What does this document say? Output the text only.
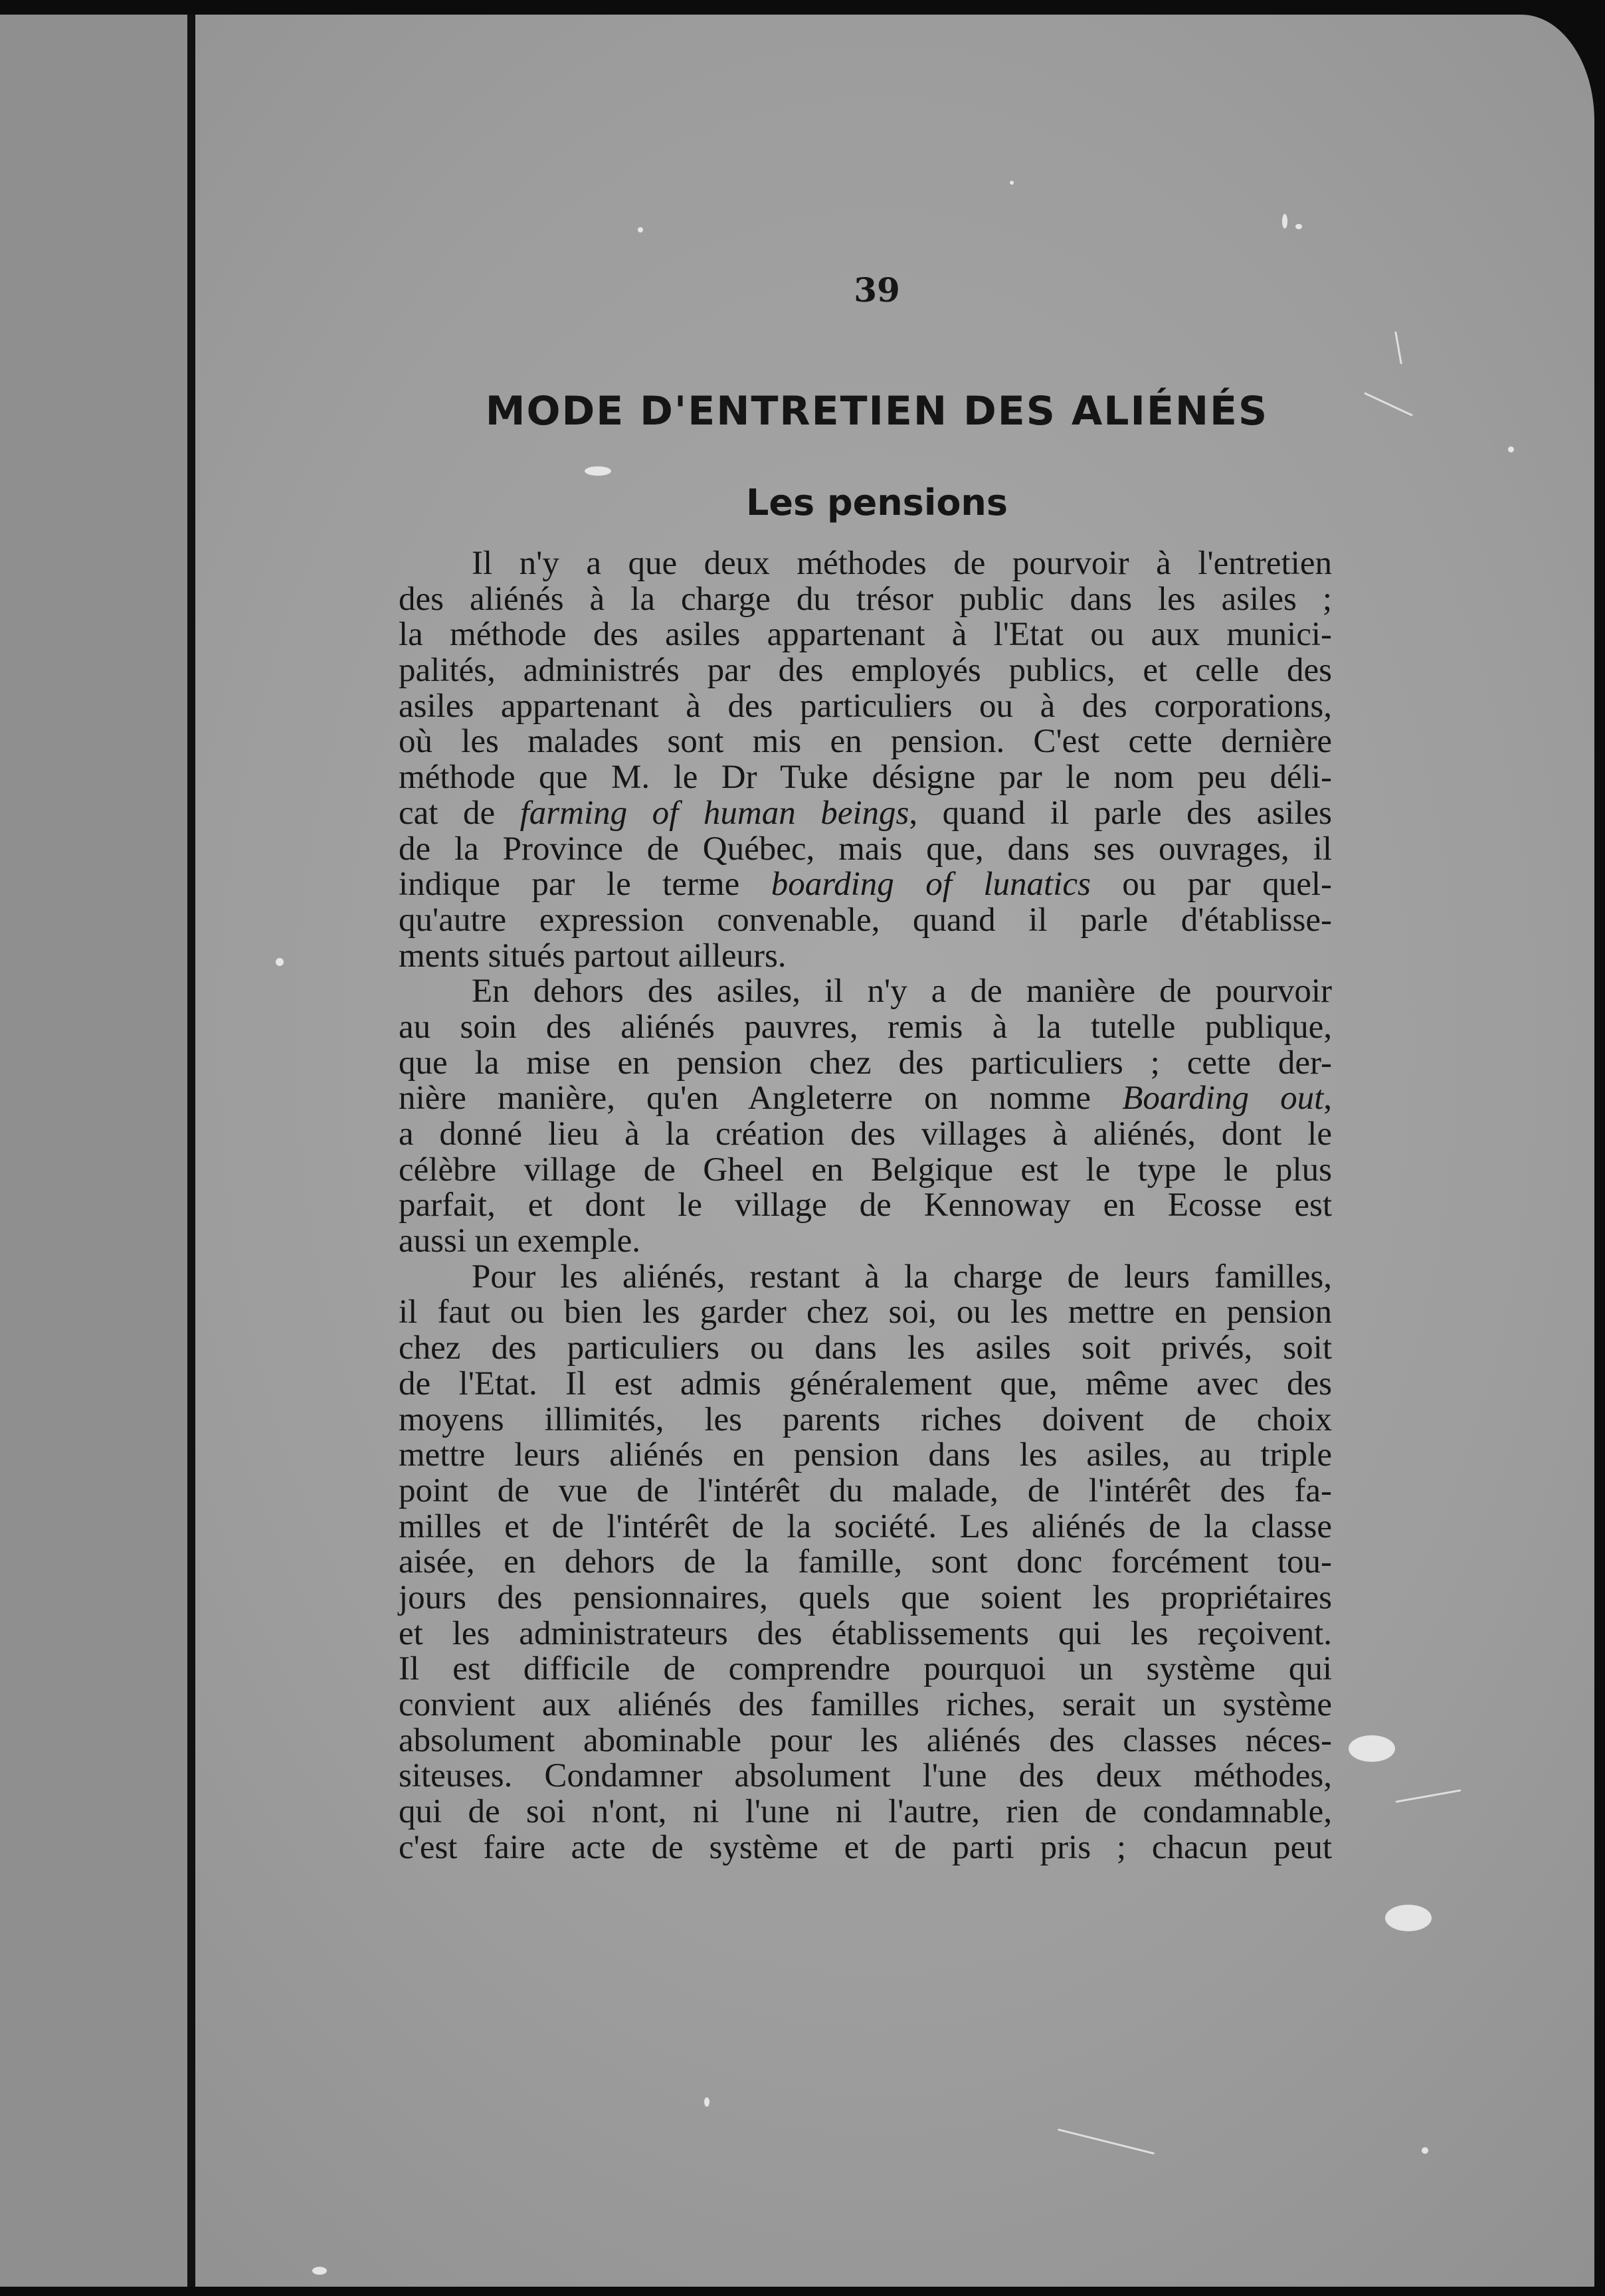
39
MODE D'ENTRETIEN DES ALIÉNÉS
Les pensions
Il n'y a que deux méthodes de pourvoir à l'entretien
des aliénés à la charge du trésor public dans les asiles ;
la méthode des asiles appartenant à l'Etat ou aux munici-
palités, administrés par des employés publics, et celle des
asiles appartenant à des particuliers ou à des corporations,
où les malades sont mis en pension. C'est cette dernière
méthode que M. le Dr Tuke désigne par le nom peu déli-
cat de farming of human beings, quand il parle des asiles
de la Province de Québec, mais que, dans ses ouvrages, il
indique par le terme boarding of lunatics ou par quel-
qu'autre expression convenable, quand il parle d'établisse-
ments situés partout ailleurs.
En dehors des asiles, il n'y a de manière de pourvoir
au soin des aliénés pauvres, remis à la tutelle publique,
que la mise en pension chez des particuliers ; cette der-
nière manière, qu'en Angleterre on nomme Boarding out,
a donné lieu à la création des villages à aliénés, dont le
célèbre village de Gheel en Belgique est le type le plus
parfait, et dont le village de Kennoway en Ecosse est
aussi un exemple.
Pour les aliénés, restant à la charge de leurs familles,
il faut ou bien les garder chez soi, ou les mettre en pension
chez des particuliers ou dans les asiles soit privés, soit
de l'Etat. Il est admis généralement que, même avec des
moyens illimités, les parents riches doivent de choix
mettre leurs aliénés en pension dans les asiles, au triple
point de vue de l'intérêt du malade, de l'intérêt des fa-
milles et de l'intérêt de la société. Les aliénés de la classe
aisée, en dehors de la famille, sont donc forcément tou-
jours des pensionnaires, quels que soient les propriétaires
et les administrateurs des établissements qui les reçoivent.
Il est difficile de comprendre pourquoi un système qui
convient aux aliénés des familles riches, serait un système
absolument abominable pour les aliénés des classes néces-
siteuses. Condamner absolument l'une des deux méthodes,
qui de soi n'ont, ni l'une ni l'autre, rien de condamnable,
c'est faire acte de système et de parti pris ; chacun peut
